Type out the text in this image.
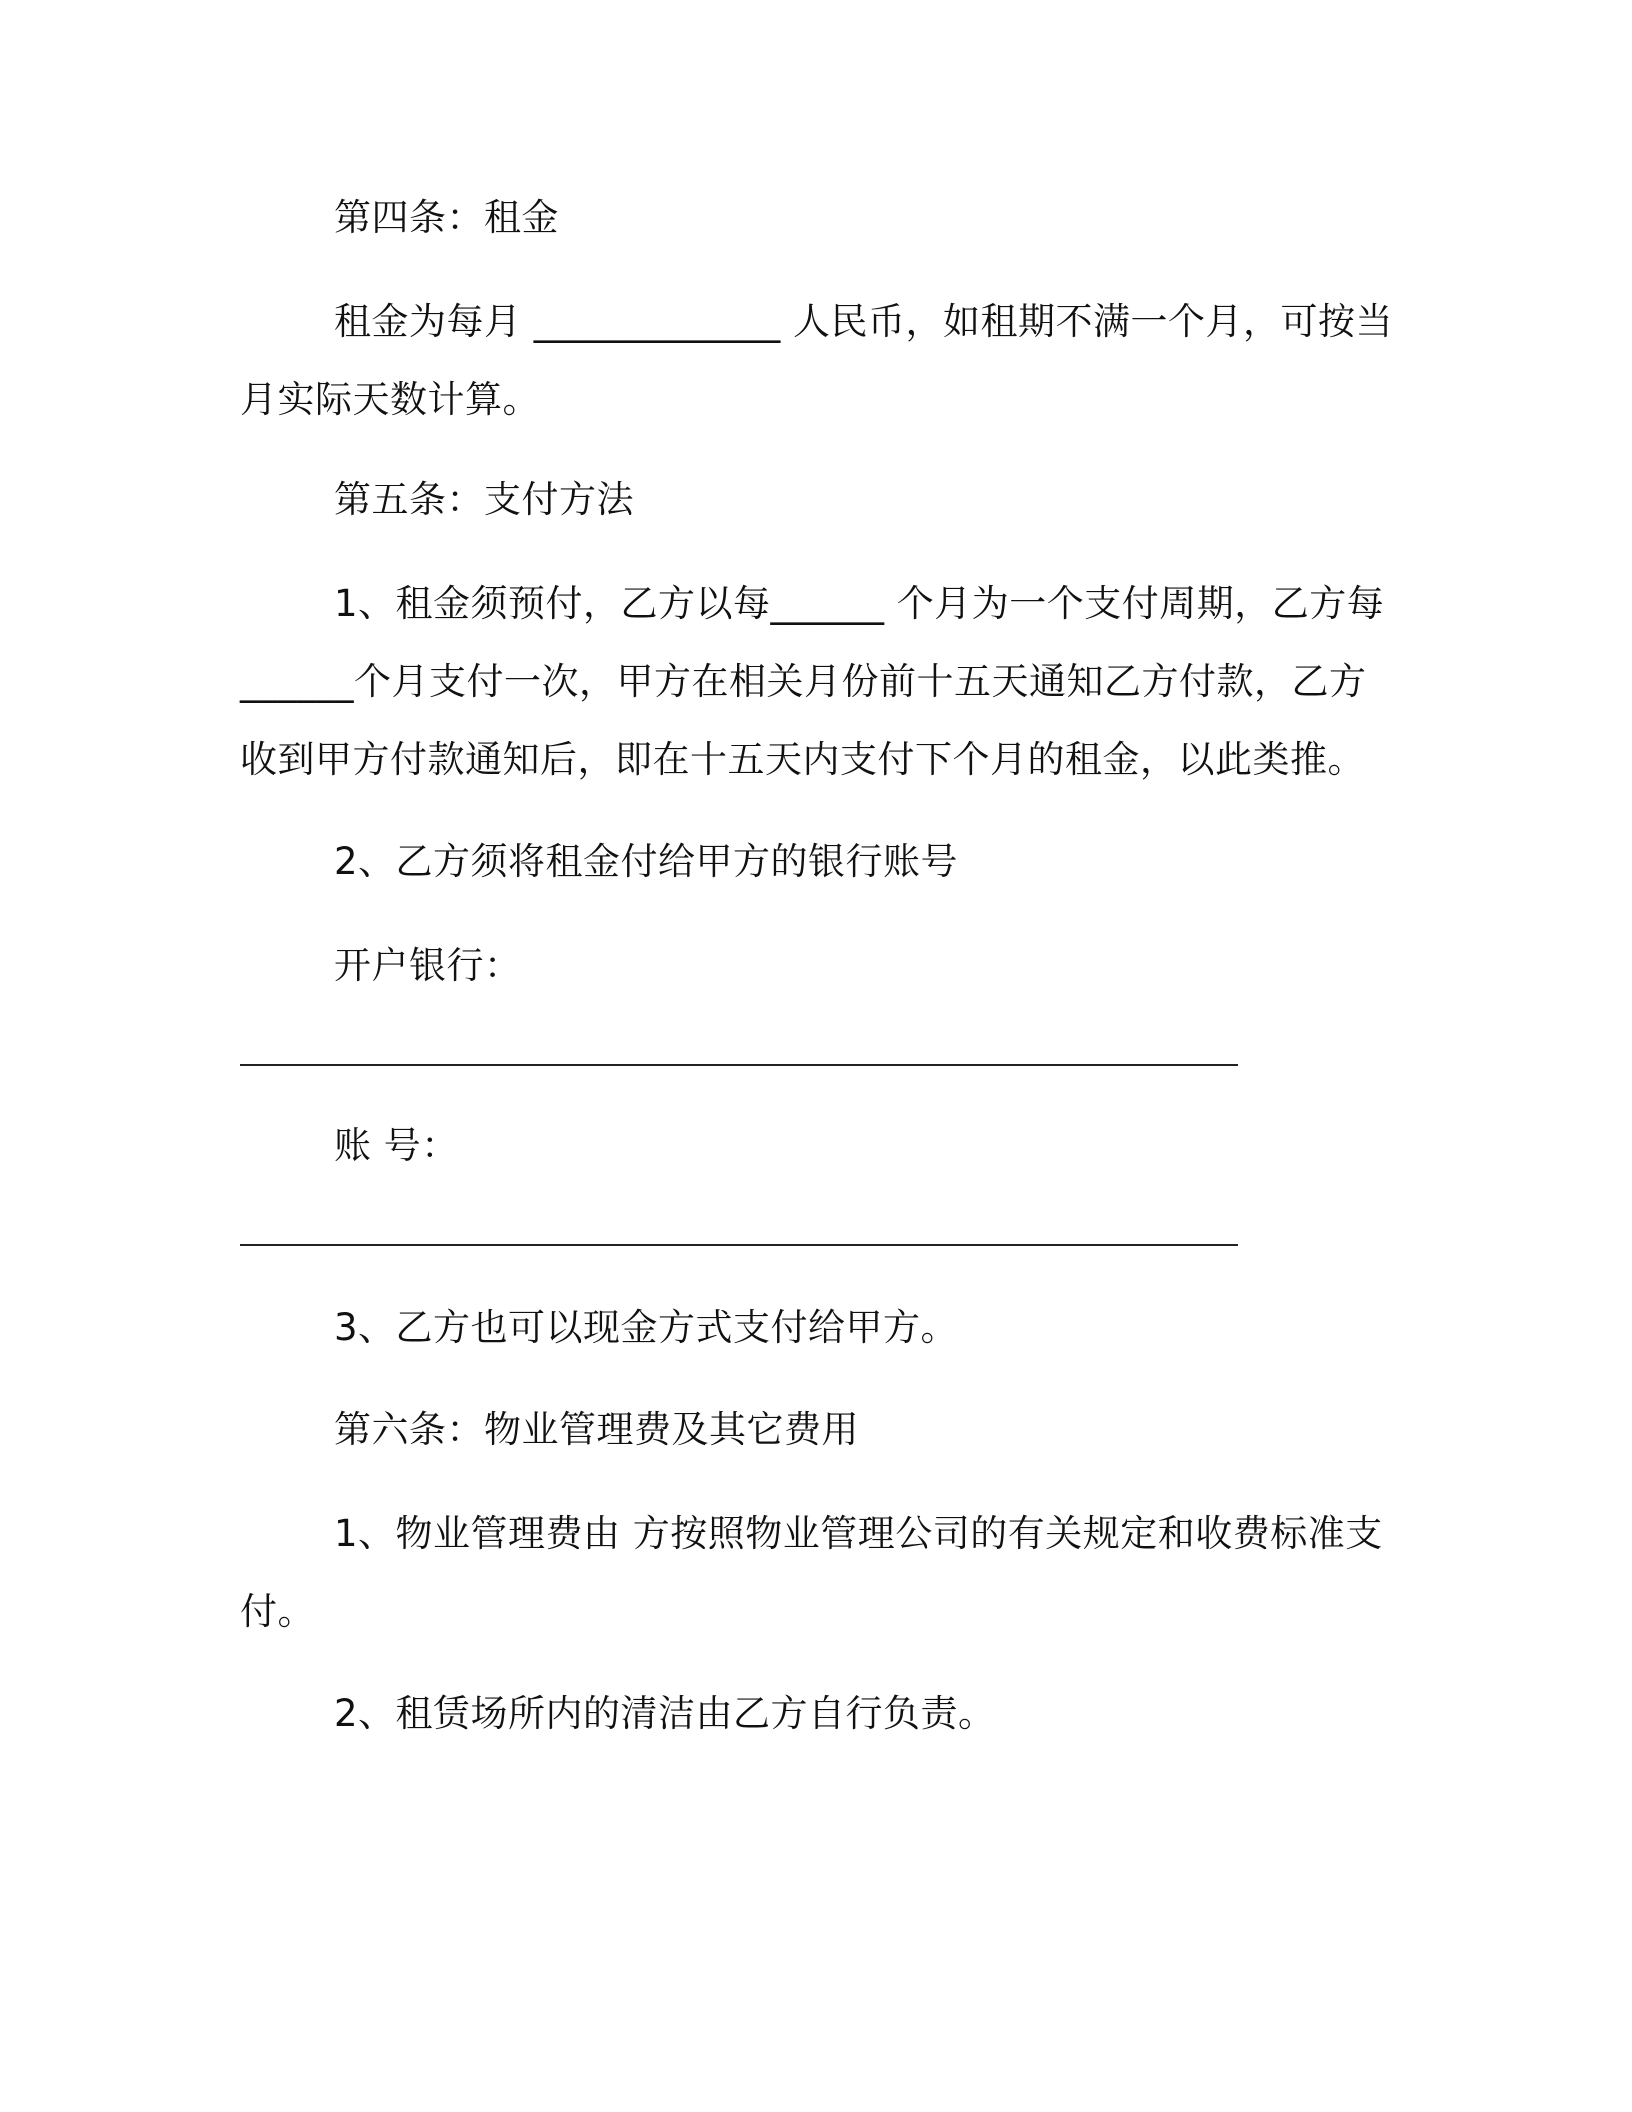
第四条：租金
租金为每月 _____________ 人民币，如租期不满一个月，可按当
月实际天数计算。
第五条：支付方法
1、租金须预付，乙方以每______ 个月为一个支付周期，乙方每
______个月支付一次，甲方在相关月份前十五天通知乙方付款，乙方
收到甲方付款通知后，即在十五天内支付下个月的租金，以此类推。
2、乙方须将租金付给甲方的银行账号
开户银行：
账 号：
3、乙方也可以现金方式支付给甲方。
第六条：物业管理费及其它费用
1、物业管理费由 方按照物业管理公司的有关规定和收费标准支
付。
2、租赁场所内的清洁由乙方自行负责。
